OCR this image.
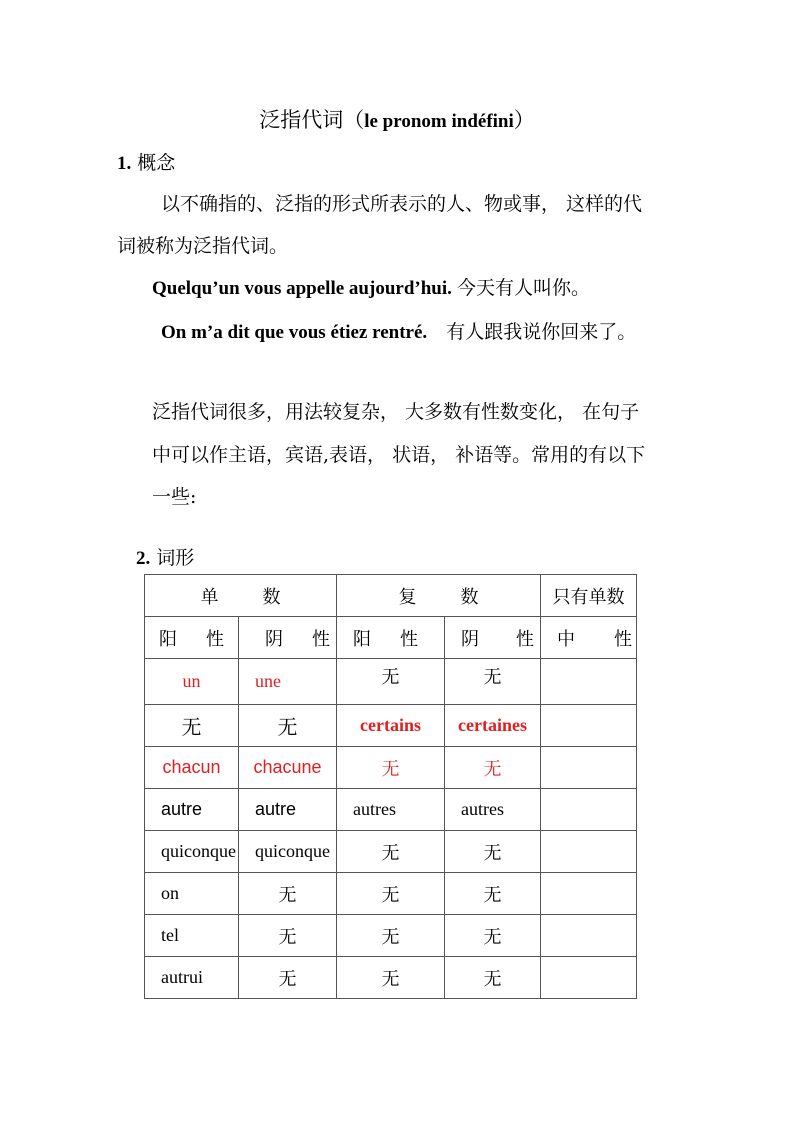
泛指代词（le pronom indéfini）
1. 概念
以不确指的、泛指的形式所表示的人、物或事， 这样的代
词被称为泛指代词。
Quelqu’un vous appelle aujourd’hui. 今天有人叫你。
On m’a dit que vous étiez rentré. 有人跟我说你回来了。
泛指代词很多，用法较复杂， 大多数有性数变化， 在句子
中可以作主语，宾语,表语， 状语， 补语等。常用的有以下
一些:
2. 词形
单 数		复 数		只有单数

阳 性	阴 性	阳 性	阴 性	中 性

un	une	无	无	
无	无	certains	certaines	
chacun	chacune	无	无	
autre	autre	autres	autres	
quiconque	quiconque	无	无	
on	无	无	无	
tel	无	无	无	
autrui	无	无	无	
